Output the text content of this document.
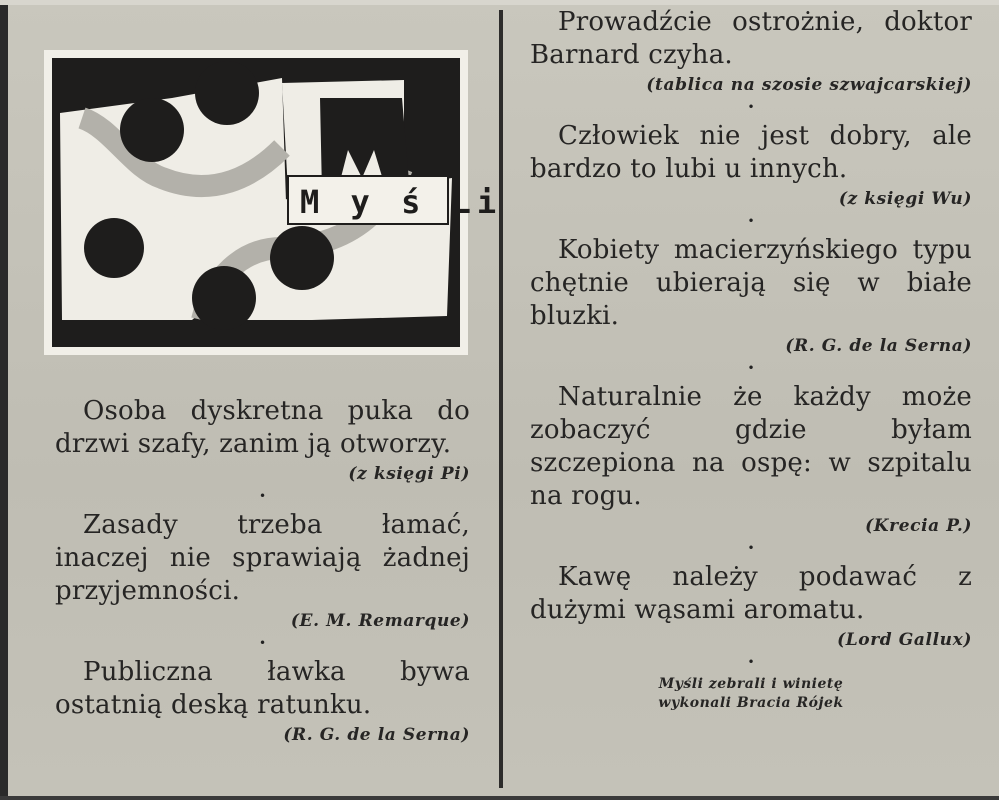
M y ś Li

Osoba dyskretna puka do drzwi szafy, zanim ją otworzy.

(z księgi Pi)

•

Zasady trzeba łamać, inaczej nie sprawiają żadnej przyjemności.

(E. M. Remarque)

•

Publiczna ławka bywa ostatnią deską ratunku.

(R. G. de la Serna)

Prowadźcie ostrożnie, doktor Barnard czyha.

(tablica na szosie szwajcarskiej)

•

Człowiek nie jest dobry, ale bardzo to lubi u innych.

(z księgi Wu)

•

Kobiety macierzyńskiego typu chętnie ubierają się w białe bluzki.

(R. G. de la Serna)

•

Naturalnie że każdy może zobaczyć gdzie byłam szczepiona na ospę: w szpitalu na rogu.

(Krecia P.)

•

Kawę należy podawać z dużymi wąsami aromatu.

(Lord Gallux)

•
Myśli zebrali i winietę
wykonali Bracia Rójek
